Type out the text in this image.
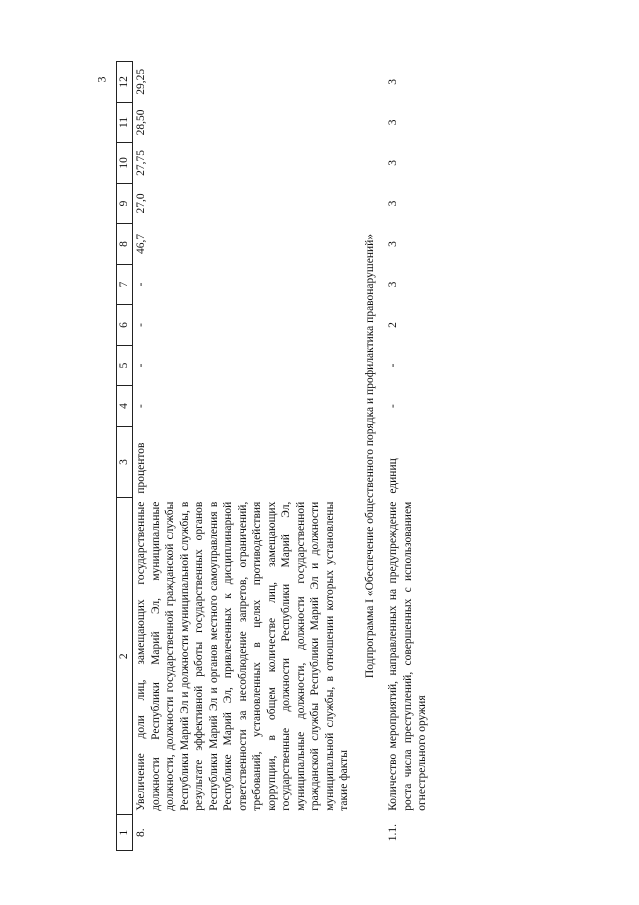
3
1	2	3	4	5	6	7	8	9	10	11	12
8.	Увеличение доли лиц, замещающих государственные должности Республики Марий Эл, муниципальные должности, должности государственной гражданской службы Республики Марий Эл и должности муниципальной службы, в результате эффективной работы государственных органов Республики Марий Эл и органов местного самоуправления в Республике Марий Эл, привлеченных к дисциплинарной ответственности за несоблюдение запретов, ограничений, требований, установленных в целях противодействия коррупции, в общем количестве лиц, замещающих государственные должности Республики Марий Эл, муниципальные должности, должности государственной гражданской службы Республики Марий Эл и должности муниципальной службы, в отношении которых установлены такие факты	процентов	-	-	-	-	46,7	27,0	27,75	28,50	29,25
Подпрограмма I «Обеспечение общественного порядка и профилактика правонарушений»											
1.1.	Количество мероприятий, направленных на предупреждение роста числа преступлений, совершенных с использованием огнестрельного оружия	единиц	-	-	2	3	3	3	3	3	3
